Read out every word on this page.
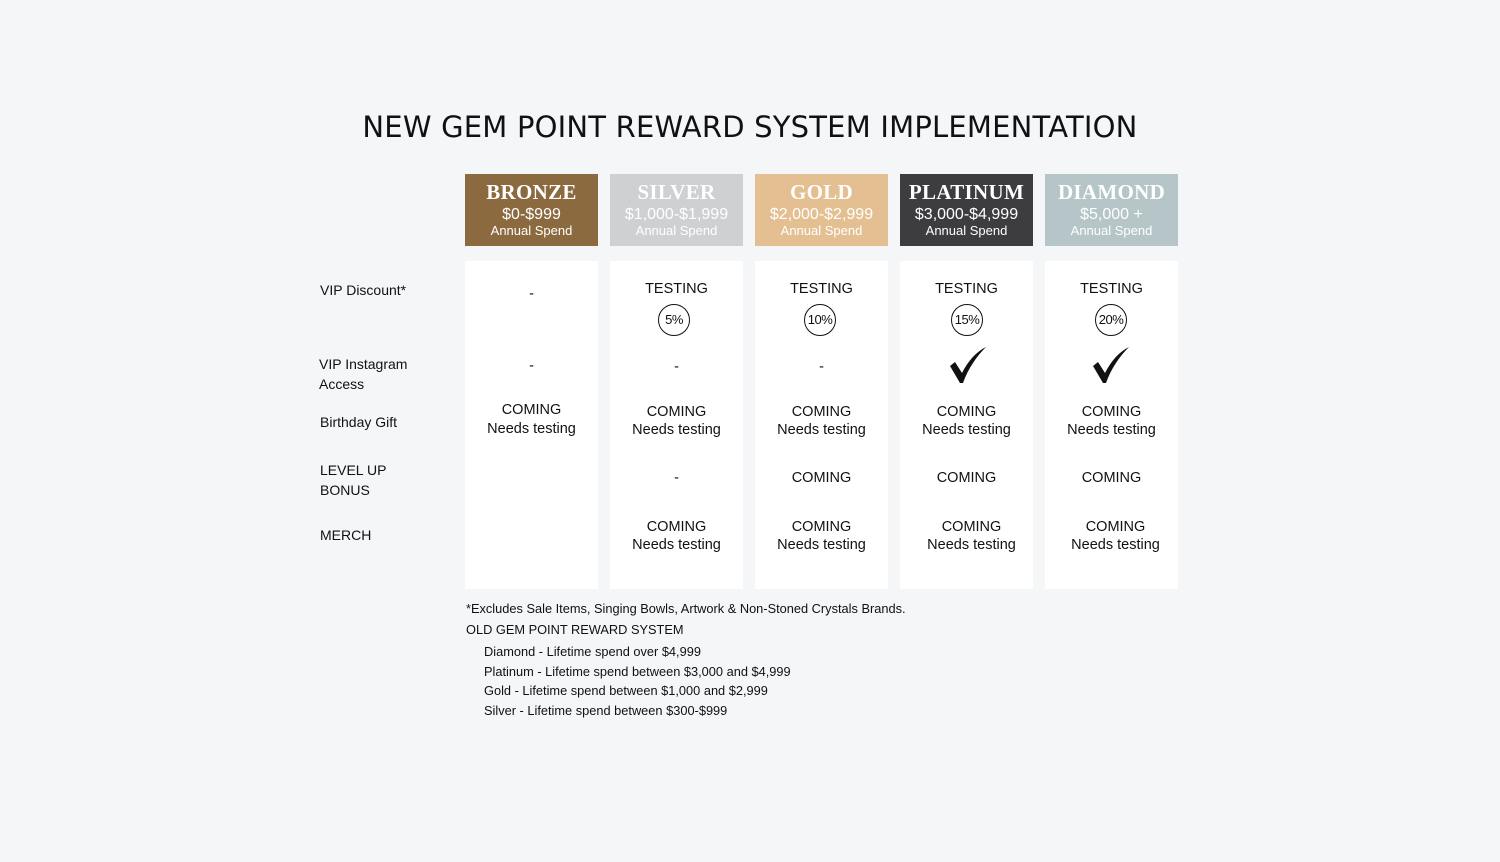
NEW GEM POINT REWARD SYSTEM IMPLEMENTATION
VIP Discount*
VIP Instagram
Access
Birthday Gift
LEVEL UP
BONUS
MERCH
BRONZE
$0-$999
Annual Spend
-
-
COMING
Needs testing
SILVER
$1,000-$1,999
Annual Spend
TESTING
5%
-
COMING
Needs testing
-
COMING
Needs testing
GOLD
$2,000-$2,999
Annual Spend
TESTING
10%
-
COMING
Needs testing
COMING
COMING
Needs testing
PLATINUM
$3,000-$4,999
Annual Spend
TESTING
15%
COMING
Needs testing
COMING
COMING
Needs testing
DIAMOND
$5,000 +
Annual Spend
TESTING
20%
COMING
Needs testing
COMING
COMING
Needs testing
*Excludes Sale Items, Singing Bowls, Artwork & Non-Stoned Crystals Brands.
OLD GEM POINT REWARD SYSTEM
Diamond - Lifetime spend over $4,999
Platinum - Lifetime spend between $3,000 and $4,999
Gold - Lifetime spend between $1,000 and $2,999
Silver - Lifetime spend between $300-$999
